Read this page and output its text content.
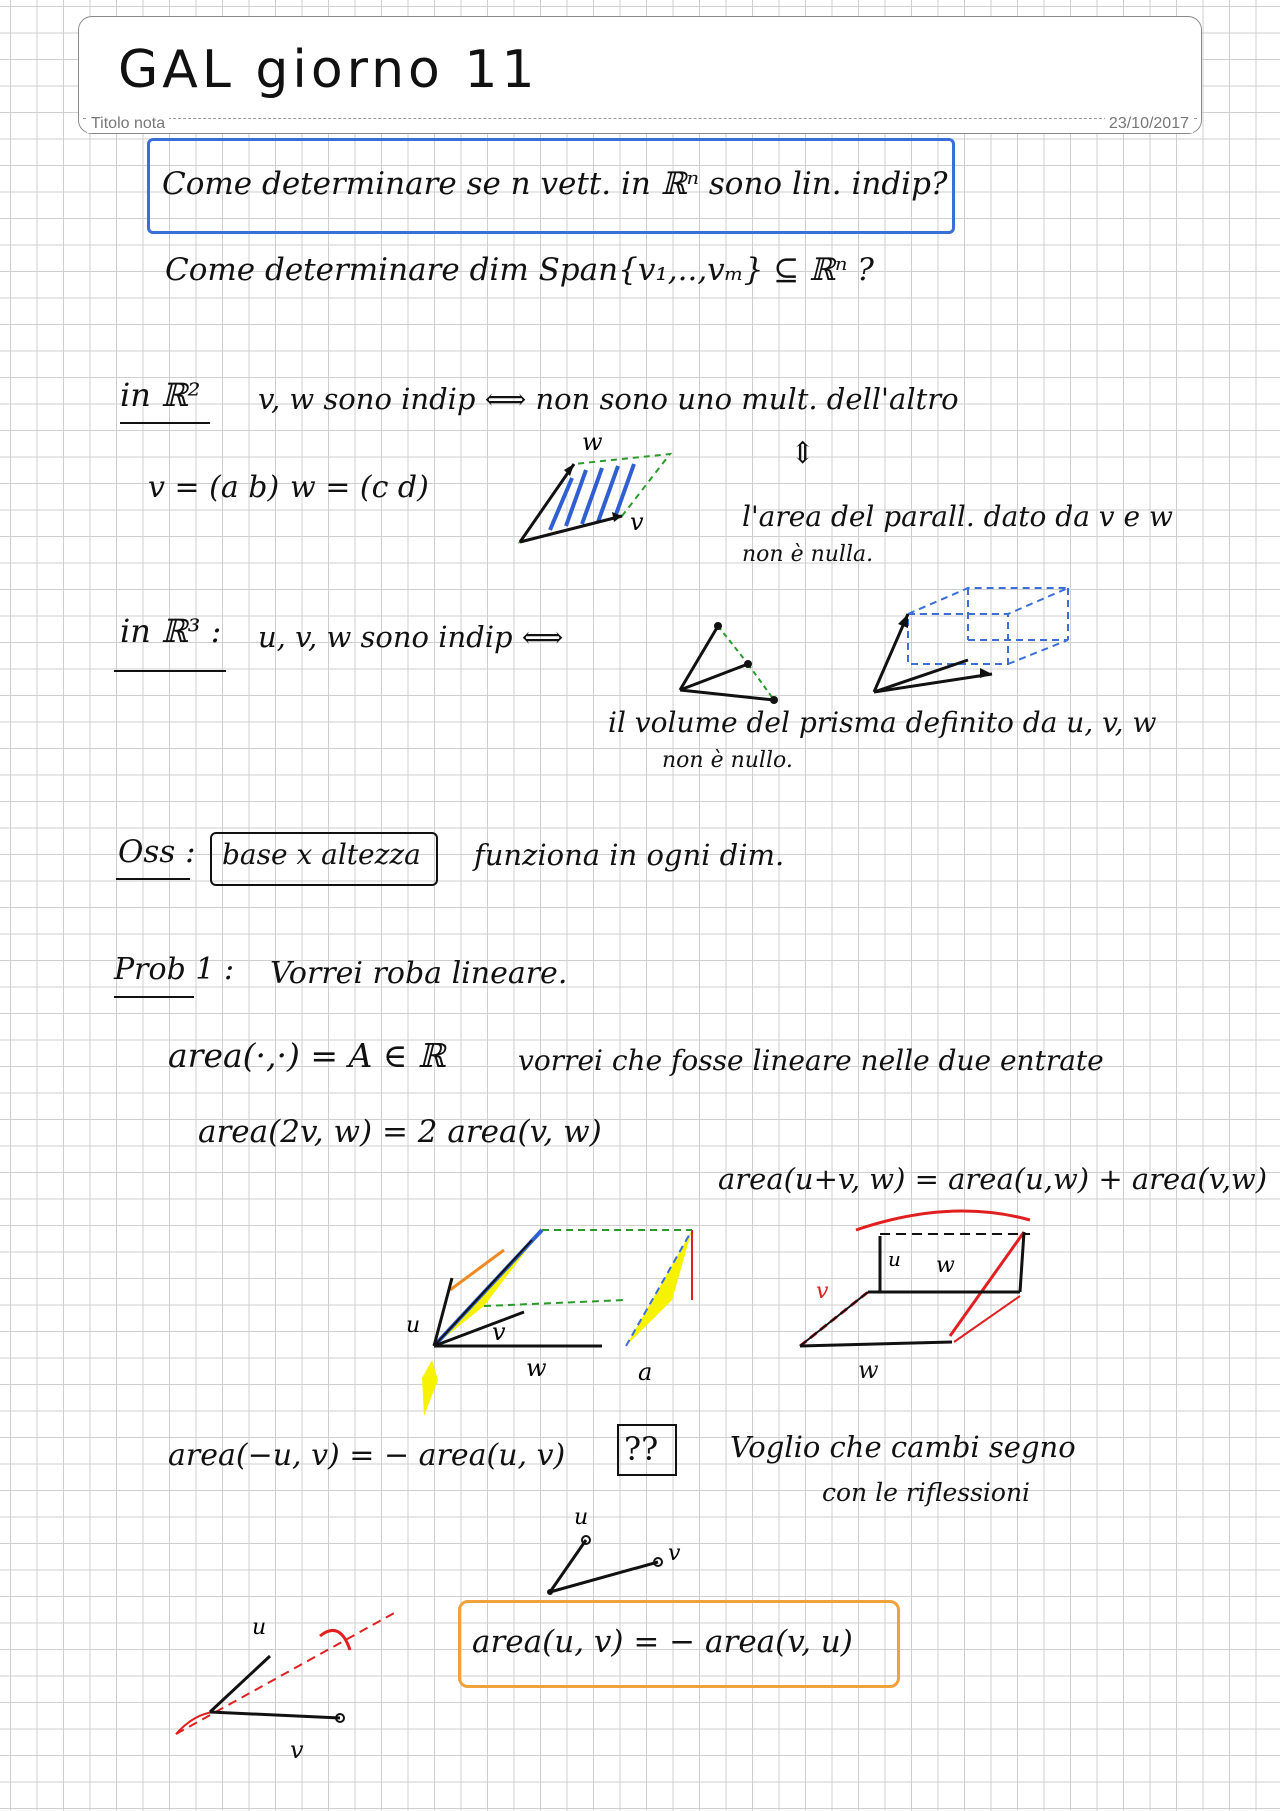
Titolo nota	23/10/2017
GAL giorno 11
Come determinare se n vett. in ℝⁿ sono lin. indip?
Come determinare dim Span{v₁,..,vₘ} ⊆ ℝⁿ ?
in ℝ² v, w sono indip ⟺ non sono uno mult. dell'altro
⇕
v = (a b) w = (c d)
w
v	l'area del parall. dato da v e w
non è nulla.
in ℝ³ : u, v, w sono indip ⟺
il volume del prisma definito da u, v, w
non è nullo.
Oss : base x altezza funziona in ogni dim.
Prob 1 : Vorrei roba lineare.
area(·,·) = A ∈ ℝ	vorrei che fosse lineare nelle due entrate
area(2v, w) = 2 area(v, w)
area(u+v, w) = area(u,w) + area(v,w)
u	v
w	a
u w
v
w
area(−u, v) = − area(u, v) ?? Voglio che cambi segno
con le riflessioni
u
v
u
v
area(u, v) = − area(v, u)
